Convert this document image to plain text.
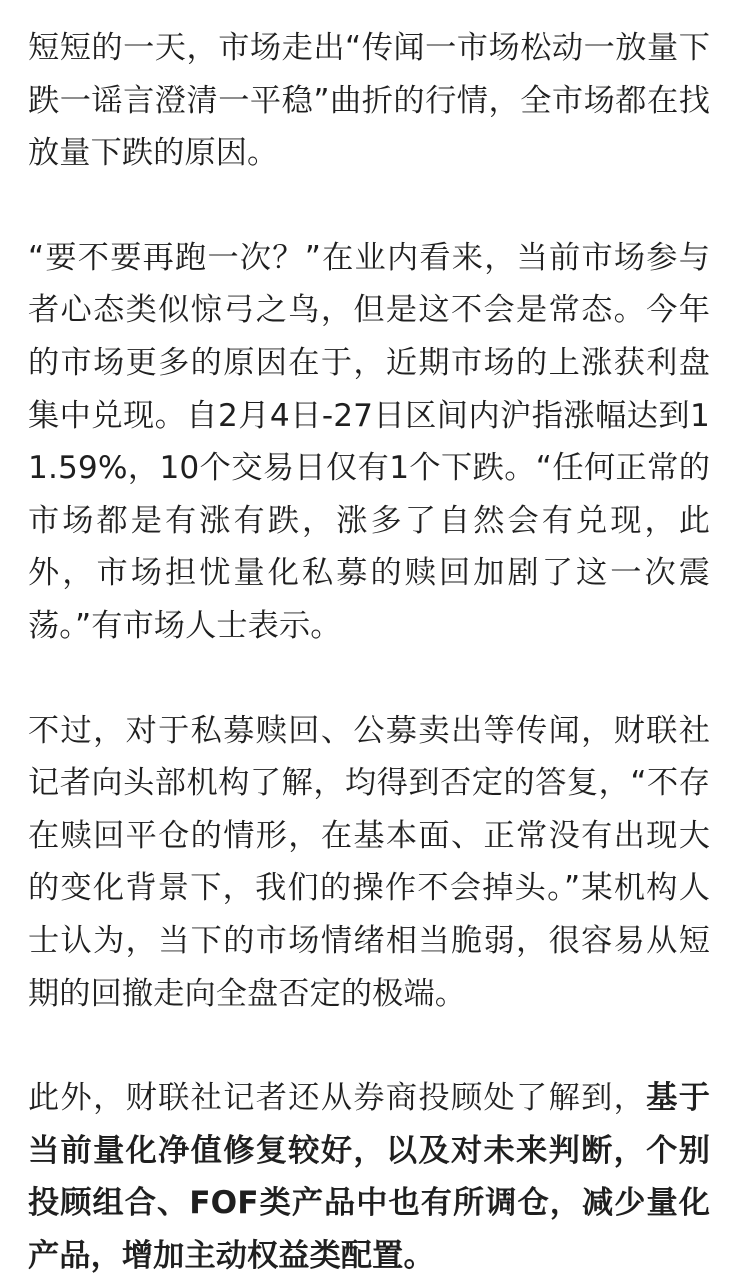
短短的一天，市场走出“传闻一市场松动一放量下跌一谣言澄清一平稳”曲折的行情，全市场都在找放量下跌的原因。

“要不要再跑一次？”在业内看来，当前市场参与者心态类似惊弓之鸟，但是这不会是常态。今年的市场更多的原因在于，近期市场的上涨获利盘集中兑现。自2月4日-27日区间内沪指涨幅达到11.59%，10个交易日仅有1个下跌。“任何正常的市场都是有涨有跌，涨多了自然会有兑现，此外，市场担忧量化私募的赎回加剧了这一次震荡。”有市场人士表示。

不过，对于私募赎回、公募卖出等传闻，财联社记者向头部机构了解，均得到否定的答复，“不存在赎回平仓的情形，在基本面、正常没有出现大的变化背景下，我们的操作不会掉头。”某机构人士认为，当下的市场情绪相当脆弱，很容易从短期的回撤走向全盘否定的极端。

此外，财联社记者还从券商投顾处了解到，基于当前量化净值修复较好，以及对未来判断，个别投顾组合、FOF类产品中也有所调仓，减少量化产品，增加主动权益类配置。
